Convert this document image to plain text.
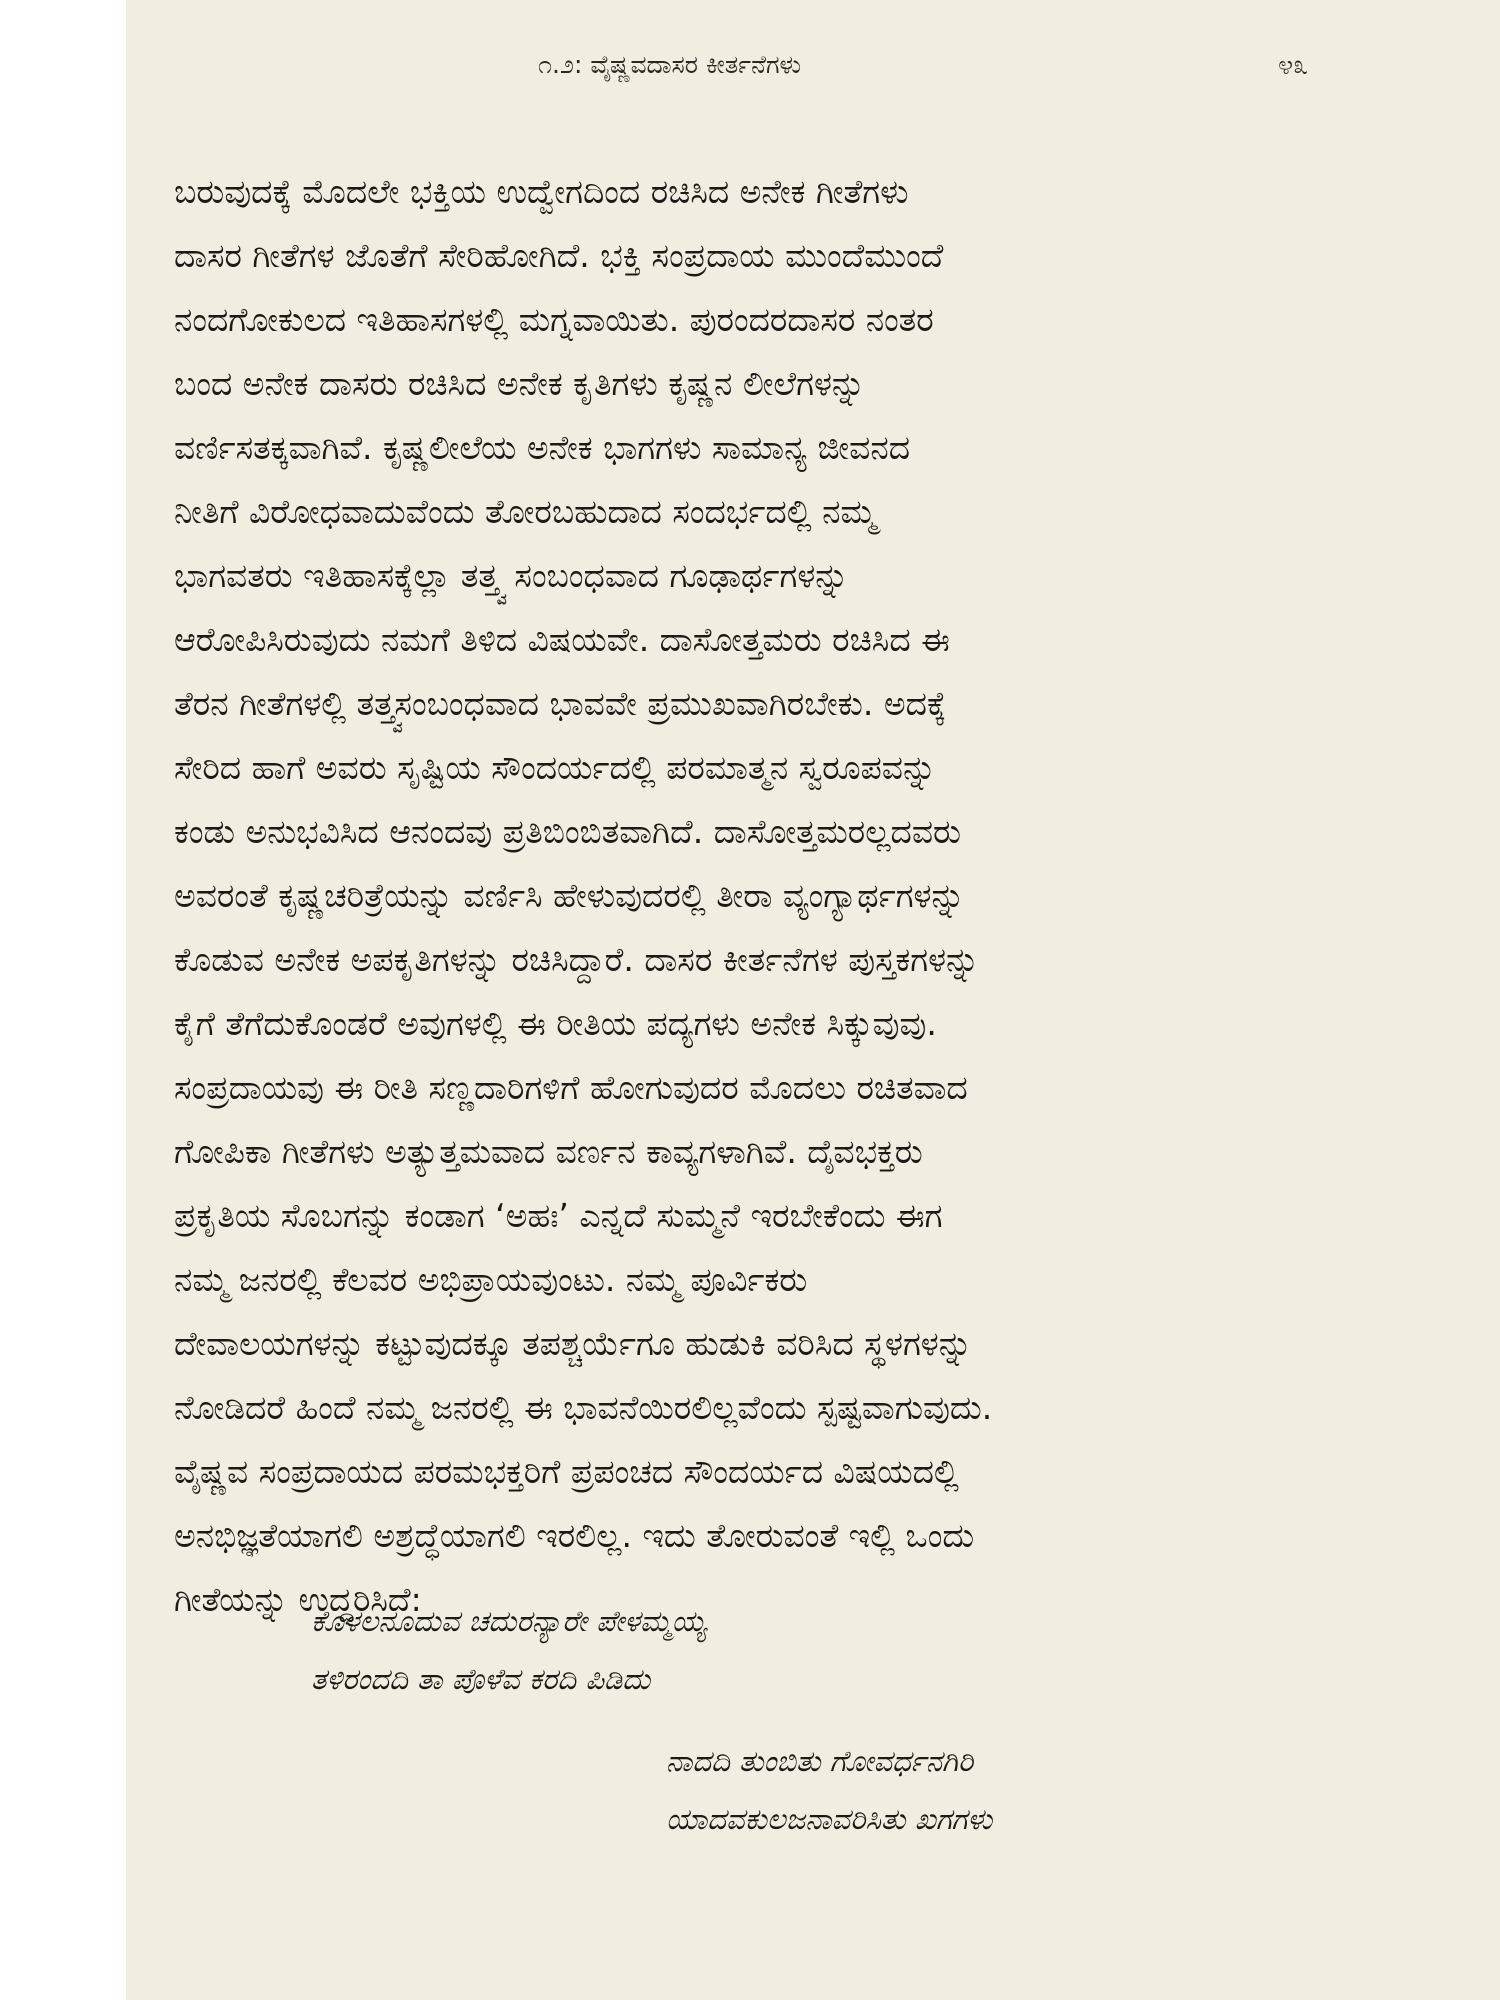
೧.೨: ವೈಷ್ಣವದಾಸರ ಕೀರ್ತನೆಗಳು	೪೩
ಬರುವುದಕ್ಕೆ ಮೊದಲೇ ಭಕ್ತಿಯ ಉದ್ವೇಗದಿಂದ ರಚಿಸಿದ ಅನೇಕ ಗೀತೆಗಳು
ದಾಸರ ಗೀತೆಗಳ ಜೊತೆಗೆ ಸೇರಿಹೋಗಿದೆ. ಭಕ್ತಿ ಸಂಪ್ರದಾಯ ಮುಂದೆಮುಂದೆ
ನಂದಗೋಕುಲದ ಇತಿಹಾಸಗಳಲ್ಲಿ ಮಗ್ನವಾಯಿತು. ಪುರಂದರದಾಸರ ನಂತರ
ಬಂದ ಅನೇಕ ದಾಸರು ರಚಿಸಿದ ಅನೇಕ ಕೃತಿಗಳು ಕೃಷ್ಣನ ಲೀಲೆಗಳನ್ನು
ವರ್ಣಿಸತಕ್ಕವಾಗಿವೆ. ಕೃಷ್ಣಲೀಲೆಯ ಅನೇಕ ಭಾಗಗಳು ಸಾಮಾನ್ಯ ಜೀವನದ
ನೀತಿಗೆ ವಿರೋಧವಾದುವೆಂದು ತೋರಬಹುದಾದ ಸಂದರ್ಭದಲ್ಲಿ ನಮ್ಮ
ಭಾಗವತರು ಇತಿಹಾಸಕ್ಕೆಲ್ಲಾ ತತ್ತ್ವ ಸಂಬಂಧವಾದ ಗೂಢಾರ್ಥಗಳನ್ನು
ಆರೋಪಿಸಿರುವುದು ನಮಗೆ ತಿಳಿದ ವಿಷಯವೇ. ದಾಸೋತ್ತಮರು ರಚಿಸಿದ ಈ
ತೆರನ ಗೀತೆಗಳಲ್ಲಿ ತತ್ತ್ವಸಂಬಂಧವಾದ ಭಾವವೇ ಪ್ರಮುಖವಾಗಿರಬೇಕು. ಅದಕ್ಕೆ
ಸೇರಿದ ಹಾಗೆ ಅವರು ಸೃಷ್ಟಿಯ ಸೌಂದರ್ಯದಲ್ಲಿ ಪರಮಾತ್ಮನ ಸ್ವರೂಪವನ್ನು
ಕಂಡು ಅನುಭವಿಸಿದ ಆನಂದವು ಪ್ರತಿಬಿಂಬಿತವಾಗಿದೆ. ದಾಸೋತ್ತಮರಲ್ಲದವರು
ಅವರಂತೆ ಕೃಷ್ಣಚರಿತ್ರೆಯನ್ನು ವರ್ಣಿಸಿ ಹೇಳುವುದರಲ್ಲಿ ತೀರಾ ವ್ಯಂಗ್ಯಾರ್ಥಗಳನ್ನು
ಕೊಡುವ ಅನೇಕ ಅಪಕೃತಿಗಳನ್ನು ರಚಿಸಿದ್ದಾರೆ. ದಾಸರ ಕೀರ್ತನೆಗಳ ಪುಸ್ತಕಗಳನ್ನು
ಕೈಗೆ ತೆಗೆದುಕೊಂಡರೆ ಅವುಗಳಲ್ಲಿ ಈ ರೀತಿಯ ಪದ್ಯಗಳು ಅನೇಕ ಸಿಕ್ಕುವುವು.
ಸಂಪ್ರದಾಯವು ಈ ರೀತಿ ಸಣ್ಣದಾರಿಗಳಿಗೆ ಹೋಗುವುದರ ಮೊದಲು ರಚಿತವಾದ
ಗೋಪಿಕಾ ಗೀತೆಗಳು ಅತ್ಯುತ್ತಮವಾದ ವರ್ಣನ ಕಾವ್ಯಗಳಾಗಿವೆ. ದೈವಭಕ್ತರು
ಪ್ರಕೃತಿಯ ಸೊಬಗನ್ನು ಕಂಡಾಗ ‘ಅಹಃ’ ಎನ್ನದೆ ಸುಮ್ಮನೆ ಇರಬೇಕೆಂದು ಈಗ
ನಮ್ಮ ಜನರಲ್ಲಿ ಕೆಲವರ ಅಭಿಪ್ರಾಯವುಂಟು. ನಮ್ಮ ಪೂರ್ವಿಕರು
ದೇವಾಲಯಗಳನ್ನು ಕಟ್ಟುವುದಕ್ಕೂ ತಪಶ್ಚರ್ಯೆಗೂ ಹುಡುಕಿ ವರಿಸಿದ ಸ್ಥಳಗಳನ್ನು
ನೋಡಿದರೆ ಹಿಂದೆ ನಮ್ಮ ಜನರಲ್ಲಿ ಈ ಭಾವನೆಯಿರಲಿಲ್ಲವೆಂದು ಸ್ಪಷ್ಟವಾಗುವುದು.
ವೈಷ್ಣವ ಸಂಪ್ರದಾಯದ ಪರಮಭಕ್ತರಿಗೆ ಪ್ರಪಂಚದ ಸೌಂದರ್ಯದ ವಿಷಯದಲ್ಲಿ
ಅನಭಿಜ್ಞತೆಯಾಗಲಿ ಅಶ್ರದ್ಧೆಯಾಗಲಿ ಇರಲಿಲ್ಲ. ಇದು ತೋರುವಂತೆ ಇಲ್ಲಿ ಒಂದು
ಗೀತೆಯನ್ನು ಉದ್ಧರಿಸಿದೆ:
ಕೊಳಲನೂದುವ ಚದುರನ್ಯಾರೇ ಪೇಳಮ್ಮಯ್ಯ
ತಳಿರಂದದಿ ತಾ ಪೊಳೆವ ಕರದಿ ಪಿಡಿದು
ನಾದದಿ ತುಂಬಿತು ಗೋವರ್ಧನಗಿರಿ
ಯಾದವಕುಲಜನಾವರಿಸಿತು ಖಗಗಳು
